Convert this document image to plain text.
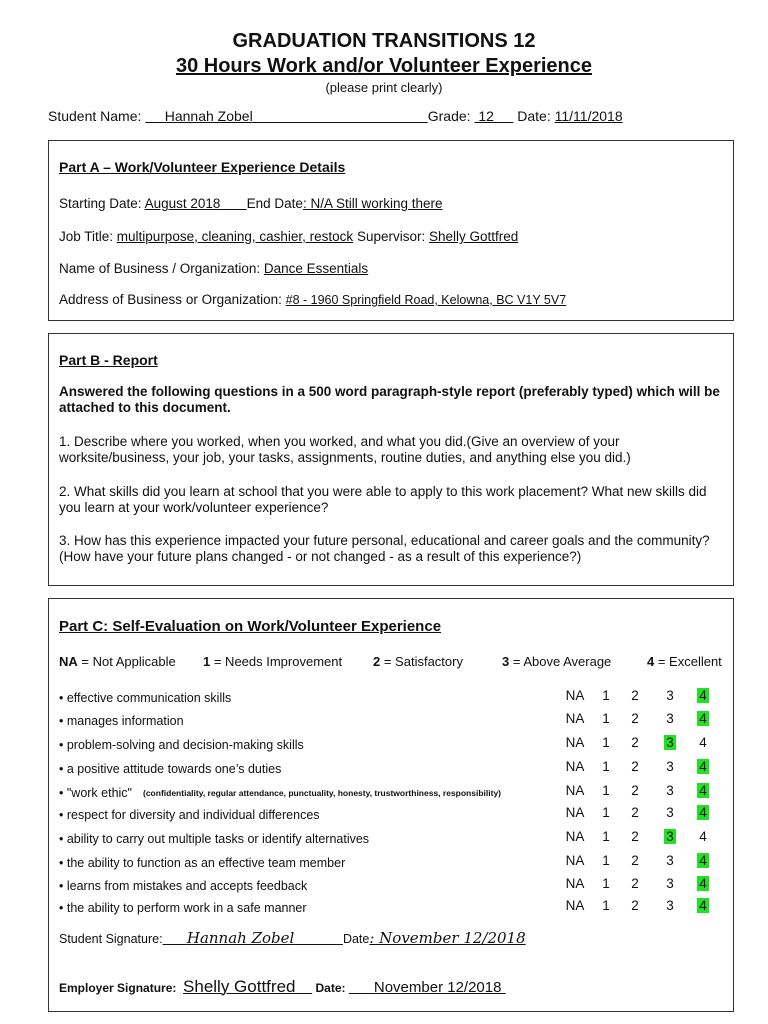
GRADUATION TRANSITIONS 12
30 Hours Work and/or Volunteer Experience
(please print clearly)
Student Name: Hannah Zobel	Grade: 12 Date: 11/11/2018
Part A – Work/Volunteer Experience Details
Starting Date: August 2018 End Date: N/A Still working there
Job Title: multipurpose, cleaning, cashier, restock Supervisor: Shelly Gottfred
Name of Business / Organization: Dance Essentials
Address of Business or Organization: #8 - 1960 Springfield Road, Kelowna, BC V1Y 5V7
Part B - Report
Answered the following questions in a 500 word paragraph-style report (preferably typed) which will be attached to this document.
1. Describe where you worked, when you worked, and what you did.(Give an overview of your worksite/business, your job, your tasks, assignments, routine duties, and anything else you did.)
2. What skills did you learn at school that you were able to apply to this work placement? What new skills did you learn at your work/volunteer experience?
3. How has this experience impacted your future personal, educational and career goals and the community? (How have your future plans changed - or not changed - as a result of this experience?)
Part C: Self-Evaluation on Work/Volunteer Experience
NA = Not Applicable 1 = Needs Improvement 2 = Satisfactory	3 = Above Average	4 = Excellent
• effective communication skills	NA 1 2 3 4
• manages information	NA 1 2 3 4
• problem-solving and decision-making skills	NA 1 2 3 4
• a positive attitude towards one’s duties	NA 1 2 3 4
• "work ethic" (confidentiality, regular attendance, punctuality, honesty, trustworthiness, responsibility)	NA 1 2 3 4
• respect for diversity and individual differences	NA 1 2 3 4
• ability to carry out multiple tasks or identify alternatives	NA 1 2 3 4
• the ability to function as an effective team member	NA 1 2 3 4
• learns from mistakes and accepts feedback	NA 1 2 3 4
• the ability to perform work in a safe manner	NA 1 2 3 4
Student Signature: Hannah Zobel	Date: November 12/2018
Employer Signature: Shelly Gottfred Date: November 12/2018
